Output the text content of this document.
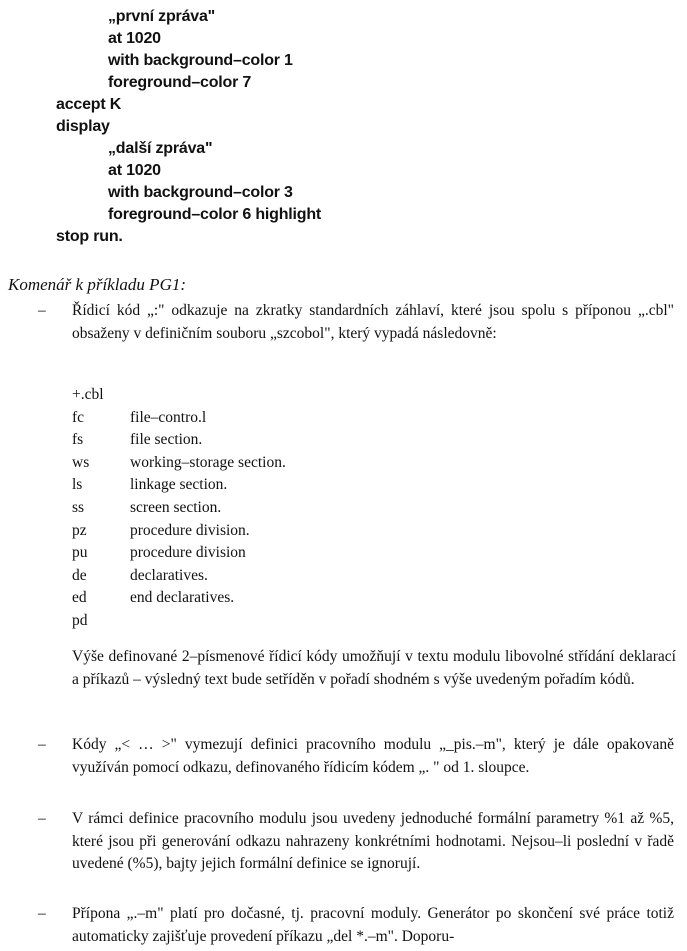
„první zpráva"
at 1020
with background–color 1
foreground–color 7
accept K
display
„další zpráva"
at 1020
with background–color 3
foreground–color 6 highlight
stop run.
Komenář k příkladu PG1:
– Řídicí kód „:" odkazuje na zkratky standardních záhlaví, které jsou spolu s příponou „.cbl" obsaženy v definičním souboru „szcobol", který vypadá následovně:
+.cbl
fc	file–contro.l
fs	file section.
ws	working–storage section.
ls	linkage section.
ss	screen section.
pz	procedure division.
pu	procedure division
de	declaratives.
ed	end declaratives.
pd
Výše definované 2–písmenové řídicí kódy umožňují v textu modulu libovolné střídání deklarací a příkazů – výsledný text bude setříděn v pořadí shodném s výše uvedeným pořadím kódů.
– Kódy „< … >" vymezují definici pracovního modulu „_pis.–m", který je dále opakovaně využíván pomocí odkazu, definovaného řídicím kódem „. " od 1. sloupce.
– V rámci definice pracovního modulu jsou uvedeny jednoduché formální parametry %1 až %5, které jsou při generování odkazu nahrazeny konkrétními hodnotami. Nejsou–li poslední v řadě uvedené (%5), bajty jejich formální definice se ignorují.
– Přípona „.–m" platí pro dočasné, tj. pracovní moduly. Generátor po skončení své práce totiž automaticky zajišťuje provedení příkazu „del *.–m". Doporu-
